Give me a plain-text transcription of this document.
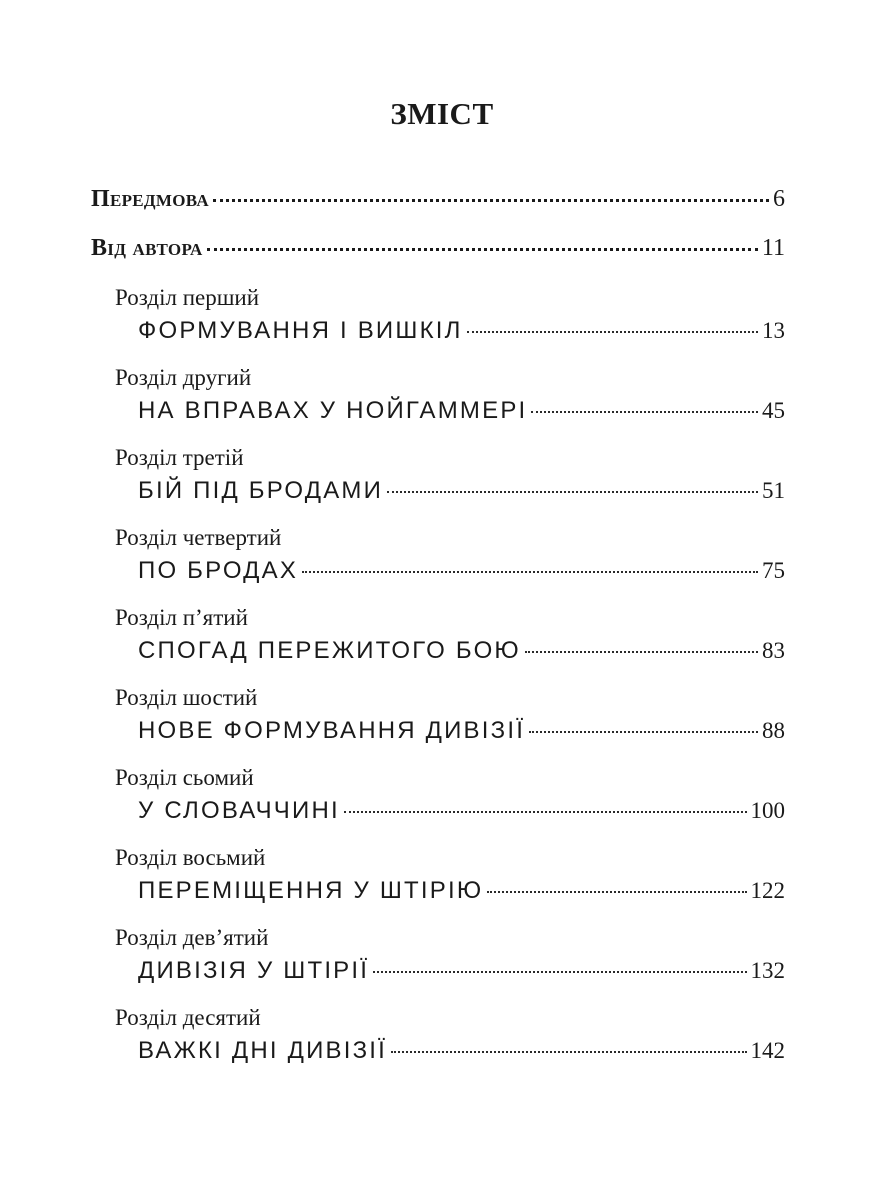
ЗМІСТ
Передмова	6
Від автора	11
Розділ перший
ФОРМУВАННЯ І ВИШКІЛ	13
Розділ другий
НА ВПРАВАХ У НОЙГАММЕРІ	45
Розділ третій
БІЙ ПІД БРОДАМИ	51
Розділ четвертий
ПО БРОДАХ	75
Розділ п’ятий
СПОГАД ПЕРЕЖИТОГО БОЮ	83
Розділ шостий
НОВЕ ФОРМУВАННЯ ДИВІЗІЇ	88
Розділ сьомий
У СЛОВАЧЧИНІ	100
Розділ восьмий
ПЕРЕМІЩЕННЯ У ШТІРІЮ	122
Розділ дев’ятий
ДИВІЗІЯ У ШТІРІЇ	132
Розділ десятий
ВАЖКІ ДНІ ДИВІЗІЇ	142
